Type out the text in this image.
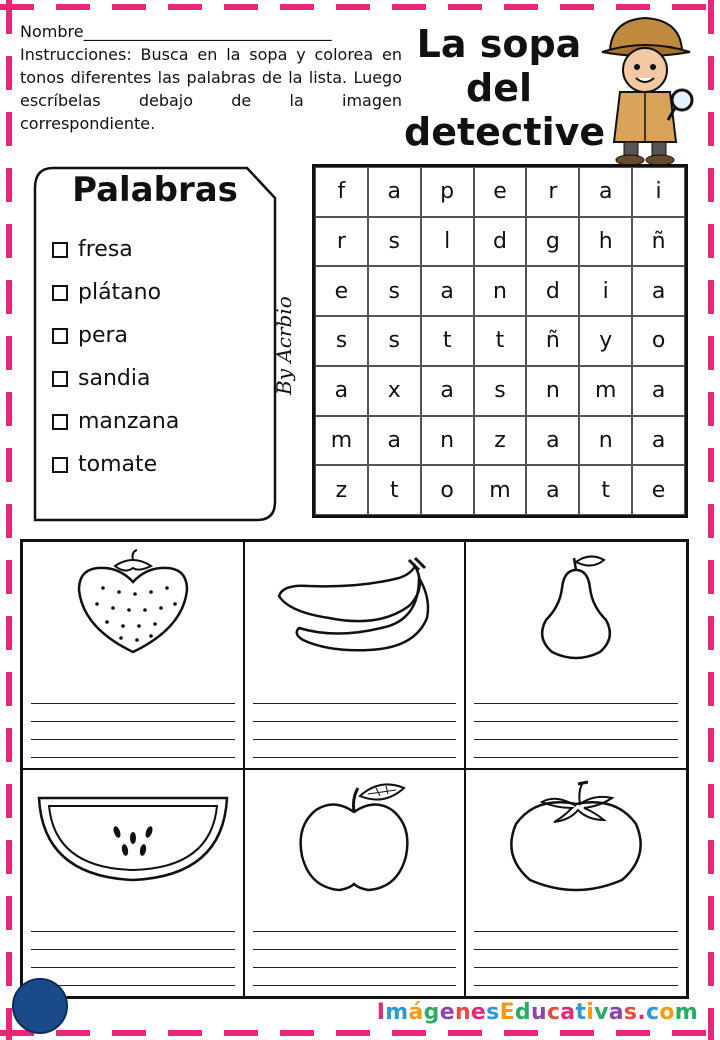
Nombre_______________________________
Instrucciones: Busca en la sopa y colorea en tonos diferentes las palabras de la lista. Luego escríbelas debajo de la imagen correspondiente.
La sopa
del
detective
Palabras
fresa
plátano
pera
sandia
manzana
tomate
By Acrbio
f	a	p	e	r	a	i
r	s	l	d	g	h	ñ
e	s	a	n	d	i	a
s	s	t	t	ñ	y	o
a	x	a	s	n	m	a
m	a	n	z	a	n	a
z	t	o	m	a	t	e
ImágenesEducativas.com
